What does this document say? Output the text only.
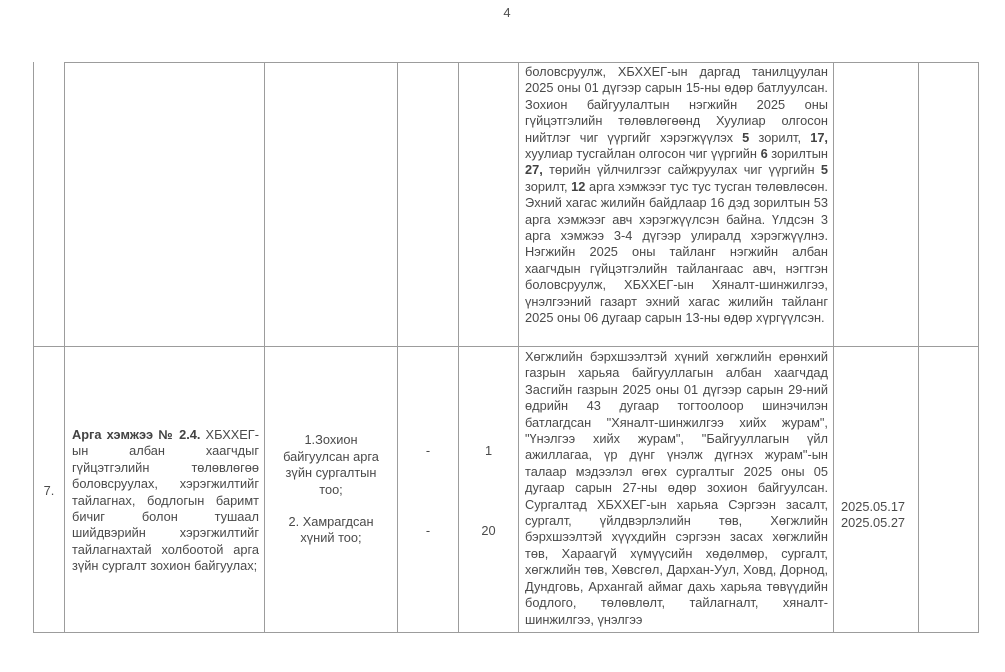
4
боловсруулж, ХБХХЕГ-ын даргад танилцуулан 2025 оны 01 дүгээр сарын 15-ны өдөр батлуулсан. Зохион байгуулалтын нэгжийн 2025 оны гүйцэтгэлийн төлөвлөгөөнд Хуулиар олгосон нийтлэг чиг үүргийг хэрэгжүүлэх 5 зорилт, 17, хуулиар тусгайлан олгосон чиг үүргийн 6 зорилтын 27, төрийн үйлчилгээг сайжруулах чиг үүргийн 5 зорилт, 12 арга хэмжээг тус тус тусган төлөвлөсөн. Эхний хагас жилийн байдлаар 16 дэд зорилтын 53 арга хэмжээг авч хэрэгжүүлсэн байна. Үлдсэн 3 арга хэмжээ 3-4 дүгээр улиралд хэрэгжүүлнэ. Нэгжийн 2025 оны тайланг нэгжийн албан хаагчдын гүйцэтгэлийн тайлангаас авч, нэгтгэн боловсруулж, ХБХХЕГ-ын Хяналт-шинжилгээ, үнэлгээний газарт эхний хагас жилийн тайланг 2025 оны 06 дугаар сарын 13-ны өдөр хүргүүлсэн.
7.
Арга хэмжээ № 2.4. ХБХХЕГ-ын албан хаагчдыг гүйцэтгэлийн төлөвлөгөө боловсруулах, хэрэгжилтийг тайлагнах, бодлогын баримт бичиг болон тушаал шийдвэрийн хэрэгжилтийг тайлагнахтай холбоотой арга зүйн сургалт зохион байгуулах;
1.Зохион байгуулсан арга зүйн сургалтын тоо;
2. Хамрагдсан хүний тоо;
-
-
1
20
Хөгжлийн бэрхшээлтэй хүний хөгжлийн ерөнхий газрын харьяа байгууллагын албан хаагчдад Засгийн газрын 2025 оны 01 дүгээр сарын 29-ний өдрийн 43 дугаар тогтоолоор шинэчилэн батлагдсан "Хяналт-шинжилгээ хийх журам", "Үнэлгээ хийх журам", "Байгууллагын үйл ажиллагаа, үр дүнг үнэлж дүгнэх журам"-ын талаар мэдээлэл өгөх сургалтыг 2025 оны 05 дугаар сарын 27-ны өдөр зохион байгуулсан. Сургалтад ХБХХЕГ-ын харьяа Сэргээн засалт, сургалт, үйлдвэрлэлийн төв, Хөгжлийн бэрхшээлтэй хүүхдийн сэргээн засах хөгжлийн төв, Хараагүй хүмүүсийн хөдөлмөр, сургалт, хөгжлийн төв, Хөвсгөл, Дархан-Уул, Ховд, Дорнод, Дундговь, Архангай аймаг дахь харьяа төвүүдийн бодлого, төлөвлөлт, тайлагналт, хяналт-шинжилгээ, үнэлгээ
2025.05.17
2025.05.27
